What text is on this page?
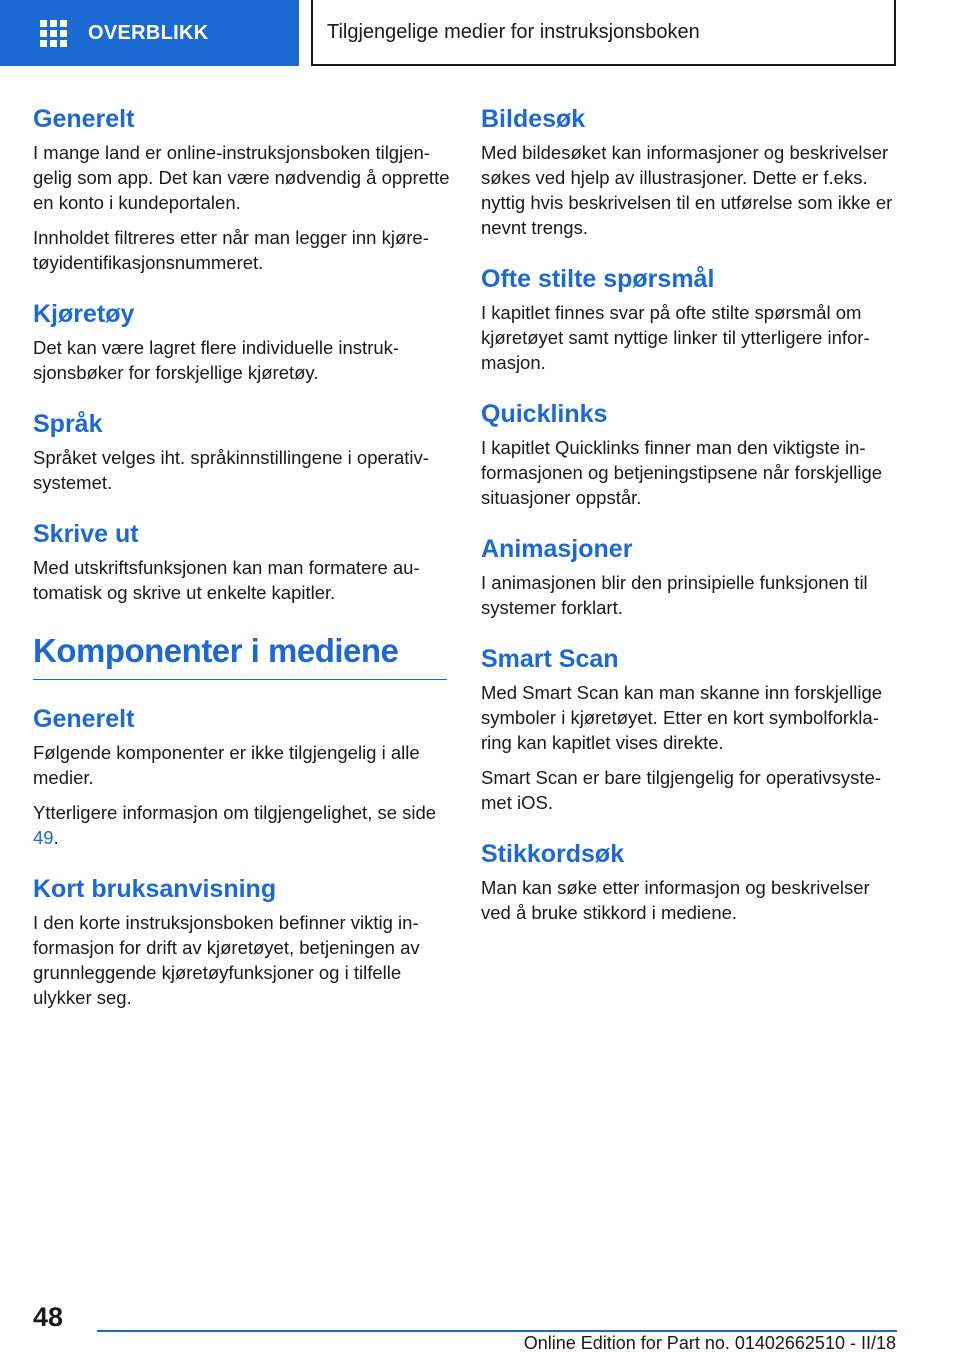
OVERBLIKK	Tilgjengelige medier for instruksjonsboken
Generelt

I mange land er online-instruksjonsboken tilgjengelig som app. Det kan være nødvendig å opprette en konto i kundeportalen.

Innholdet filtreres etter når man legger inn kjøretøyidentifikasjonsnummeret.

Kjøretøy

Det kan være lagret flere individuelle instruksjonsbøker for forskjellige kjøretøy.

Språk

Språket velges iht. språkinnstillingene i operativsystemet.

Skrive ut

Med utskriftsfunksjonen kan man formatere automatisk og skrive ut enkelte kapitler.

Komponenter i mediene
Generelt

Følgende komponenter er ikke tilgjengelig i alle medier.

Ytterligere informasjon om tilgjengelighet, se side 49.

Kort bruksanvisning

I den korte instruksjonsboken befinner viktig informasjon for drift av kjøretøyet, betjeningen av grunnleggende kjøretøyfunksjoner og i tilfelle ulykker seg.

Bildesøk

Med bildesøket kan informasjoner og beskrivelser søkes ved hjelp av illustrasjoner. Dette er f.eks. nyttig hvis beskrivelsen til en utførelse som ikke er nevnt trengs.

Ofte stilte spørsmål

I kapitlet finnes svar på ofte stilte spørsmål om kjøretøyet samt nyttige linker til ytterligere informasjon.

Quicklinks

I kapitlet Quicklinks finner man den viktigste informasjonen og betjeningstipsene når forskjellige situasjoner oppstår.

Animasjoner

I animasjonen blir den prinsipielle funksjonen til systemer forklart.

Smart Scan

Med Smart Scan kan man skanne inn forskjellige symboler i kjøretøyet. Etter en kort symbolforklaring kan kapitlet vises direkte.

Smart Scan er bare tilgjengelig for operativsystemet iOS.

Stikkordsøk

Man kan søke etter informasjon og beskrivelser ved å bruke stikkord i mediene.

48
Online Edition for Part no. 01402662510 - II/18
